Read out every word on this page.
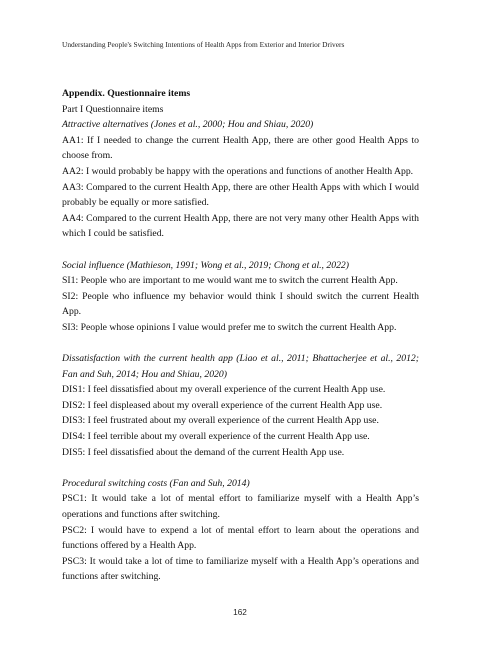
Understanding People's Switching Intentions of Health Apps from Exterior and Interior Drivers

Appendix. Questionnaire items

Part I Questionnaire items

Attractive alternatives (Jones et al., 2000; Hou and Shiau, 2020)

AA1: If I needed to change the current Health App, there are other good Health Apps to choose from.

AA2: I would probably be happy with the operations and functions of another Health App.

AA3: Compared to the current Health App, there are other Health Apps with which I would probably be equally or more satisfied.

AA4: Compared to the current Health App, there are not very many other Health Apps with which I could be satisfied.

Social influence (Mathieson, 1991; Wong et al., 2019; Chong et al., 2022)

SI1: People who are important to me would want me to switch the current Health App.

SI2: People who influence my behavior would think I should switch the current Health App.

SI3: People whose opinions I value would prefer me to switch the current Health App.

Dissatisfaction with the current health app (Liao et al., 2011; Bhattacherjee et al., 2012; Fan and Suh, 2014; Hou and Shiau, 2020)

DIS1: I feel dissatisfied about my overall experience of the current Health App use.

DIS2: I feel displeased about my overall experience of the current Health App use.

DIS3: I feel frustrated about my overall experience of the current Health App use.

DIS4: I feel terrible about my overall experience of the current Health App use.

DIS5: I feel dissatisfied about the demand of the current Health App use.

Procedural switching costs (Fan and Suh, 2014)

PSC1: It would take a lot of mental effort to familiarize myself with a Health App’s operations and functions after switching.

PSC2: I would have to expend a lot of mental effort to learn about the operations and functions offered by a Health App.

PSC3: It would take a lot of time to familiarize myself with a Health App’s operations and functions after switching.

162
